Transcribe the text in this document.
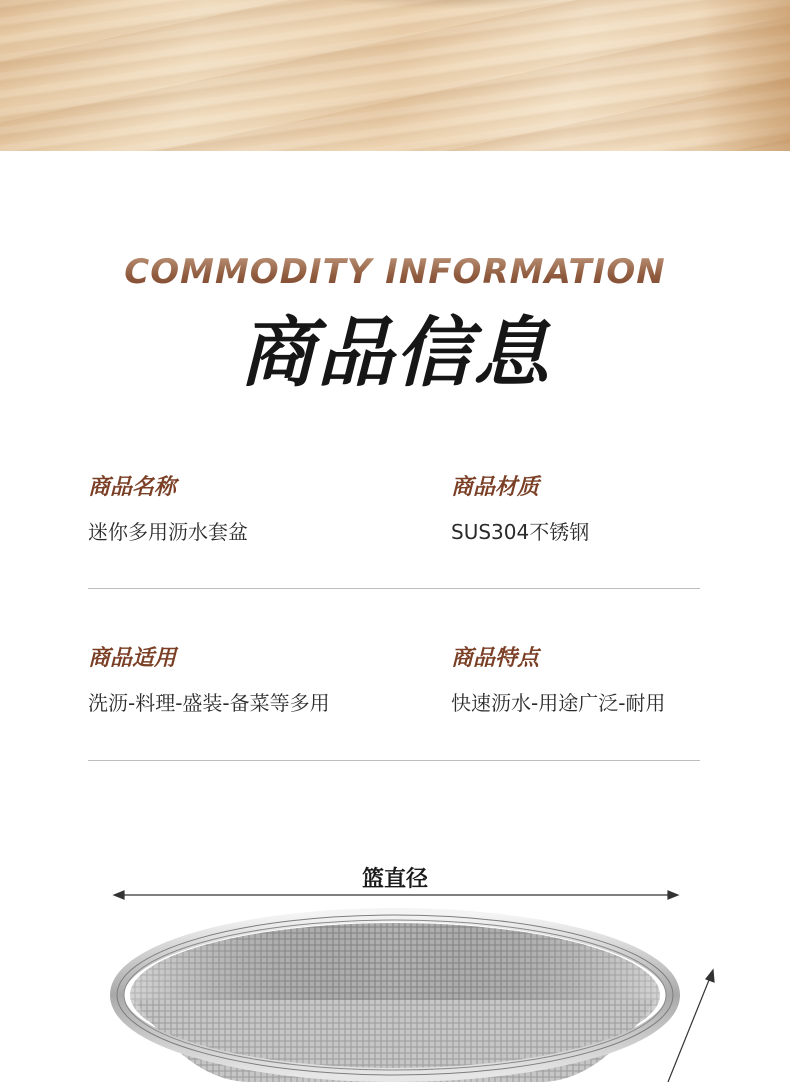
COMMODITY INFORMATION
商品信息
商品名称
迷你多用沥水套盆
商品材质
SUS304不锈钢
商品适用
洗沥-料理-盛装-备菜等多用
商品特点
快速沥水-用途广泛-耐用
篮直径
